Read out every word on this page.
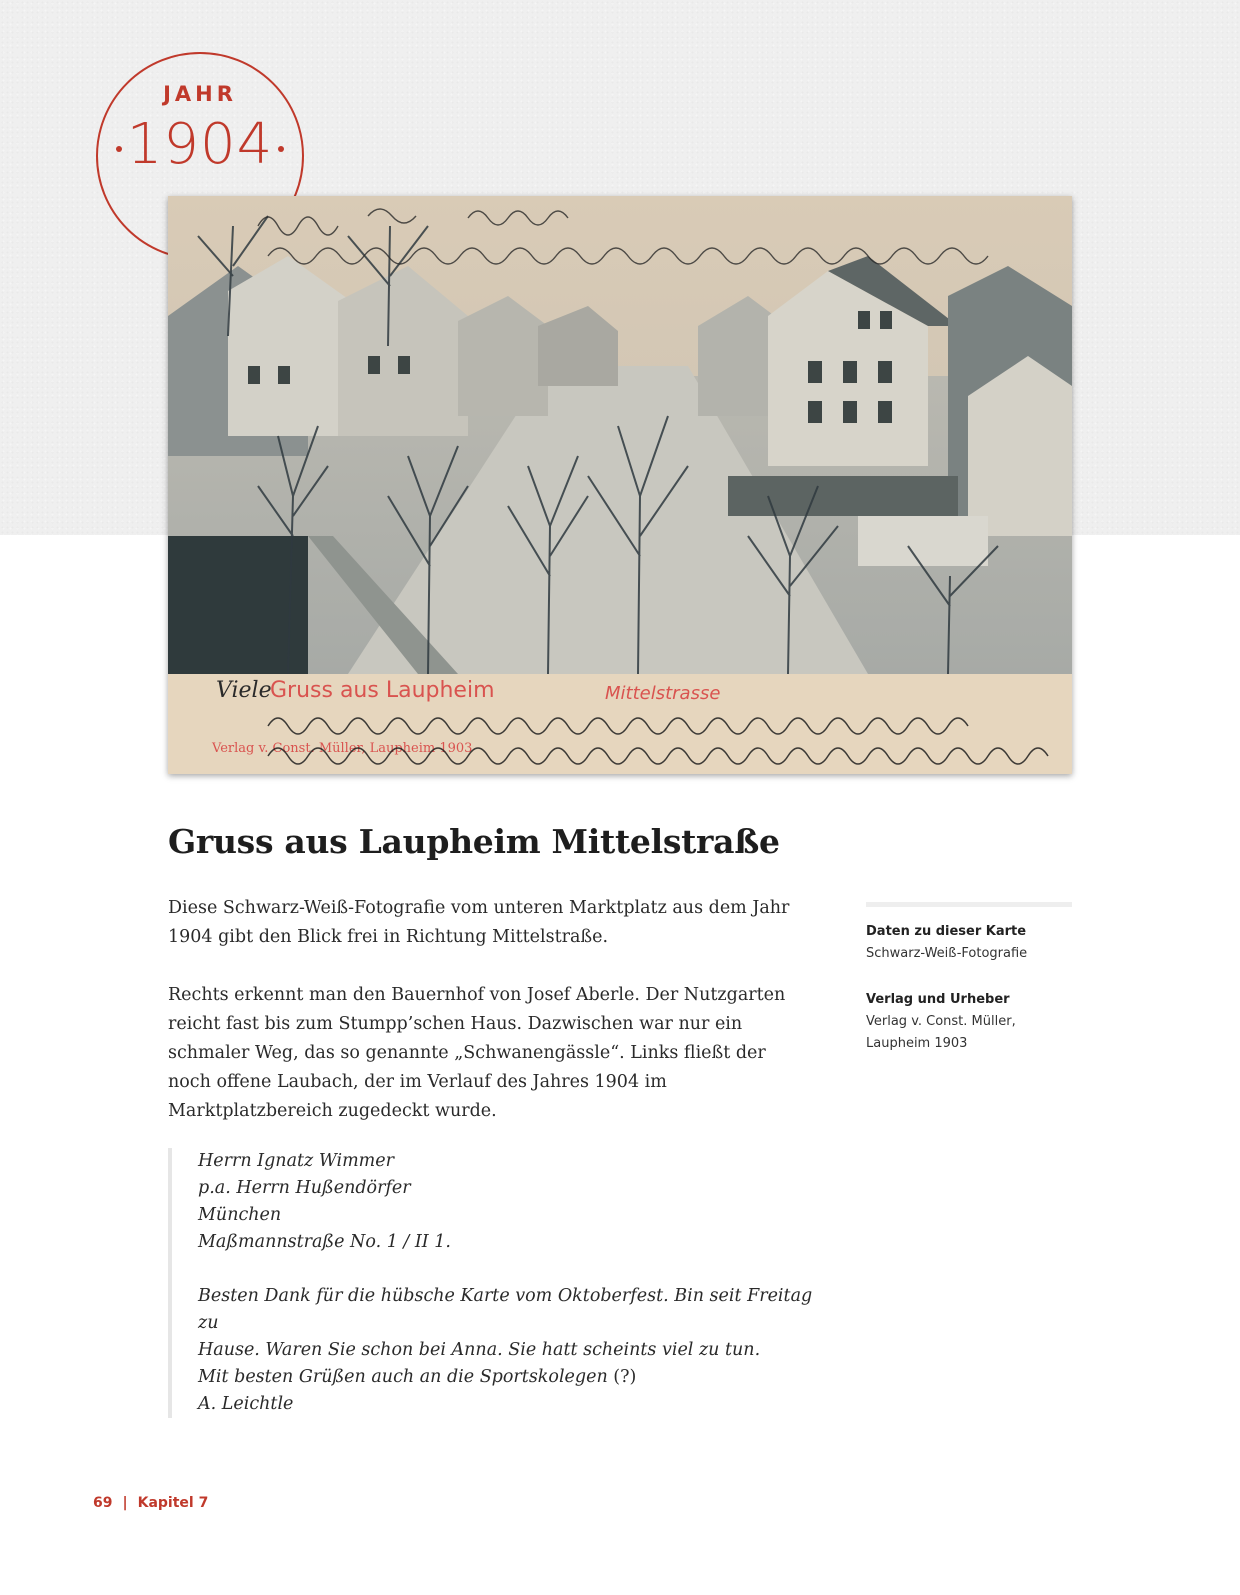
JAHR
1904
Viele
Gruss aus Laupheim	Mittelstrasse
Verlag v. Const. Müller, Laupheim 1903
Gruss aus Laupheim Mittelstraße

Diese Schwarz-Weiß-Fotografie vom unteren Marktplatz aus dem Jahr 1904 gibt den Blick frei in Richtung Mittelstraße.

Rechts erkennt man den Bauernhof von Josef Aberle. Der Nutzgarten reicht fast bis zum Stumpp’schen Haus. Dazwischen war nur ein schmaler Weg, das so genannte „Schwanengässle“. Links fließt der noch offene Laubach, der im Verlauf des Jahres 1904 im Marktplatzbereich zugedeckt wurde.

Herrn Ignatz Wimmer
p.a. Herrn Hußendörfer
München
Maßmannstraße No. 1 / II 1.
Besten Dank für die hübsche Karte vom Oktoberfest. Bin seit Freitag zu
Hause. Waren Sie schon bei Anna. Sie hatt scheints viel zu tun.
Mit besten Grüßen auch an die Sportskolegen (?)
A. Leichtle
Daten zu dieser Karte
Schwarz-Weiß-Fotografie
Verlag und Urheber
Verlag v. Const. Müller, Laupheim 1903
69 | Kapitel 7
